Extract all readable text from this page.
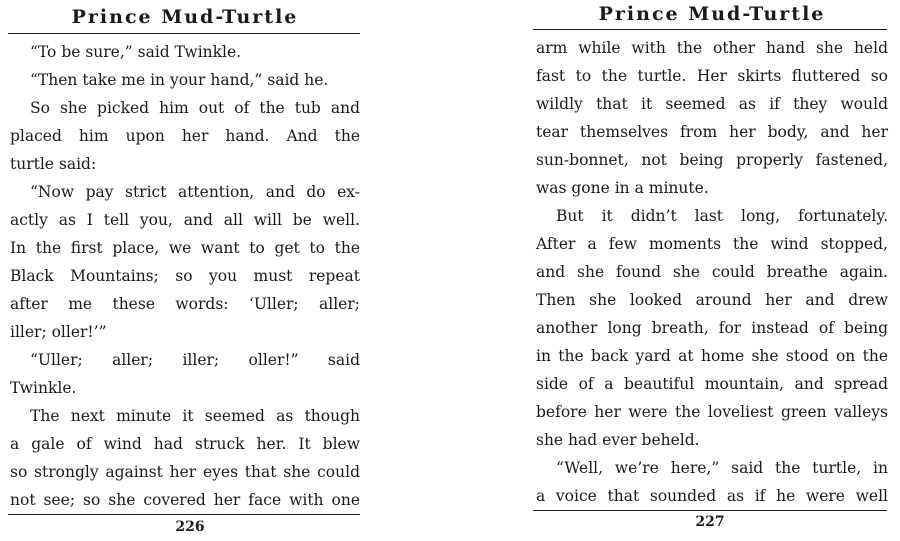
Prince Mud-Turtle
“To be sure,” said Twinkle.
“Then take me in your hand,” said he.
So she picked him out of the tub and
placed him upon her hand. And the
turtle said:
“Now pay strict attention, and do ex-
actly as I tell you, and all will be well.
In the first place, we want to get to the
Black Mountains; so you must repeat
after me these words: ‘Uller; aller;
iller; oller!’”
“Uller; aller; iller; oller!” said
Twinkle.
The next minute it seemed as though
a gale of wind had struck her. It blew
so strongly against her eyes that she could
not see; so she covered her face with one
226
Prince Mud-Turtle
arm while with the other hand she held
fast to the turtle. Her skirts fluttered so
wildly that it seemed as if they would
tear themselves from her body, and her
sun-bonnet, not being properly fastened,
was gone in a minute.
But it didn’t last long, fortunately.
After a few moments the wind stopped,
and she found she could breathe again.
Then she looked around her and drew
another long breath, for instead of being
in the back yard at home she stood on the
side of a beautiful mountain, and spread
before her were the loveliest green valleys
she had ever beheld.
“Well, we’re here,” said the turtle, in
a voice that sounded as if he were well
227
